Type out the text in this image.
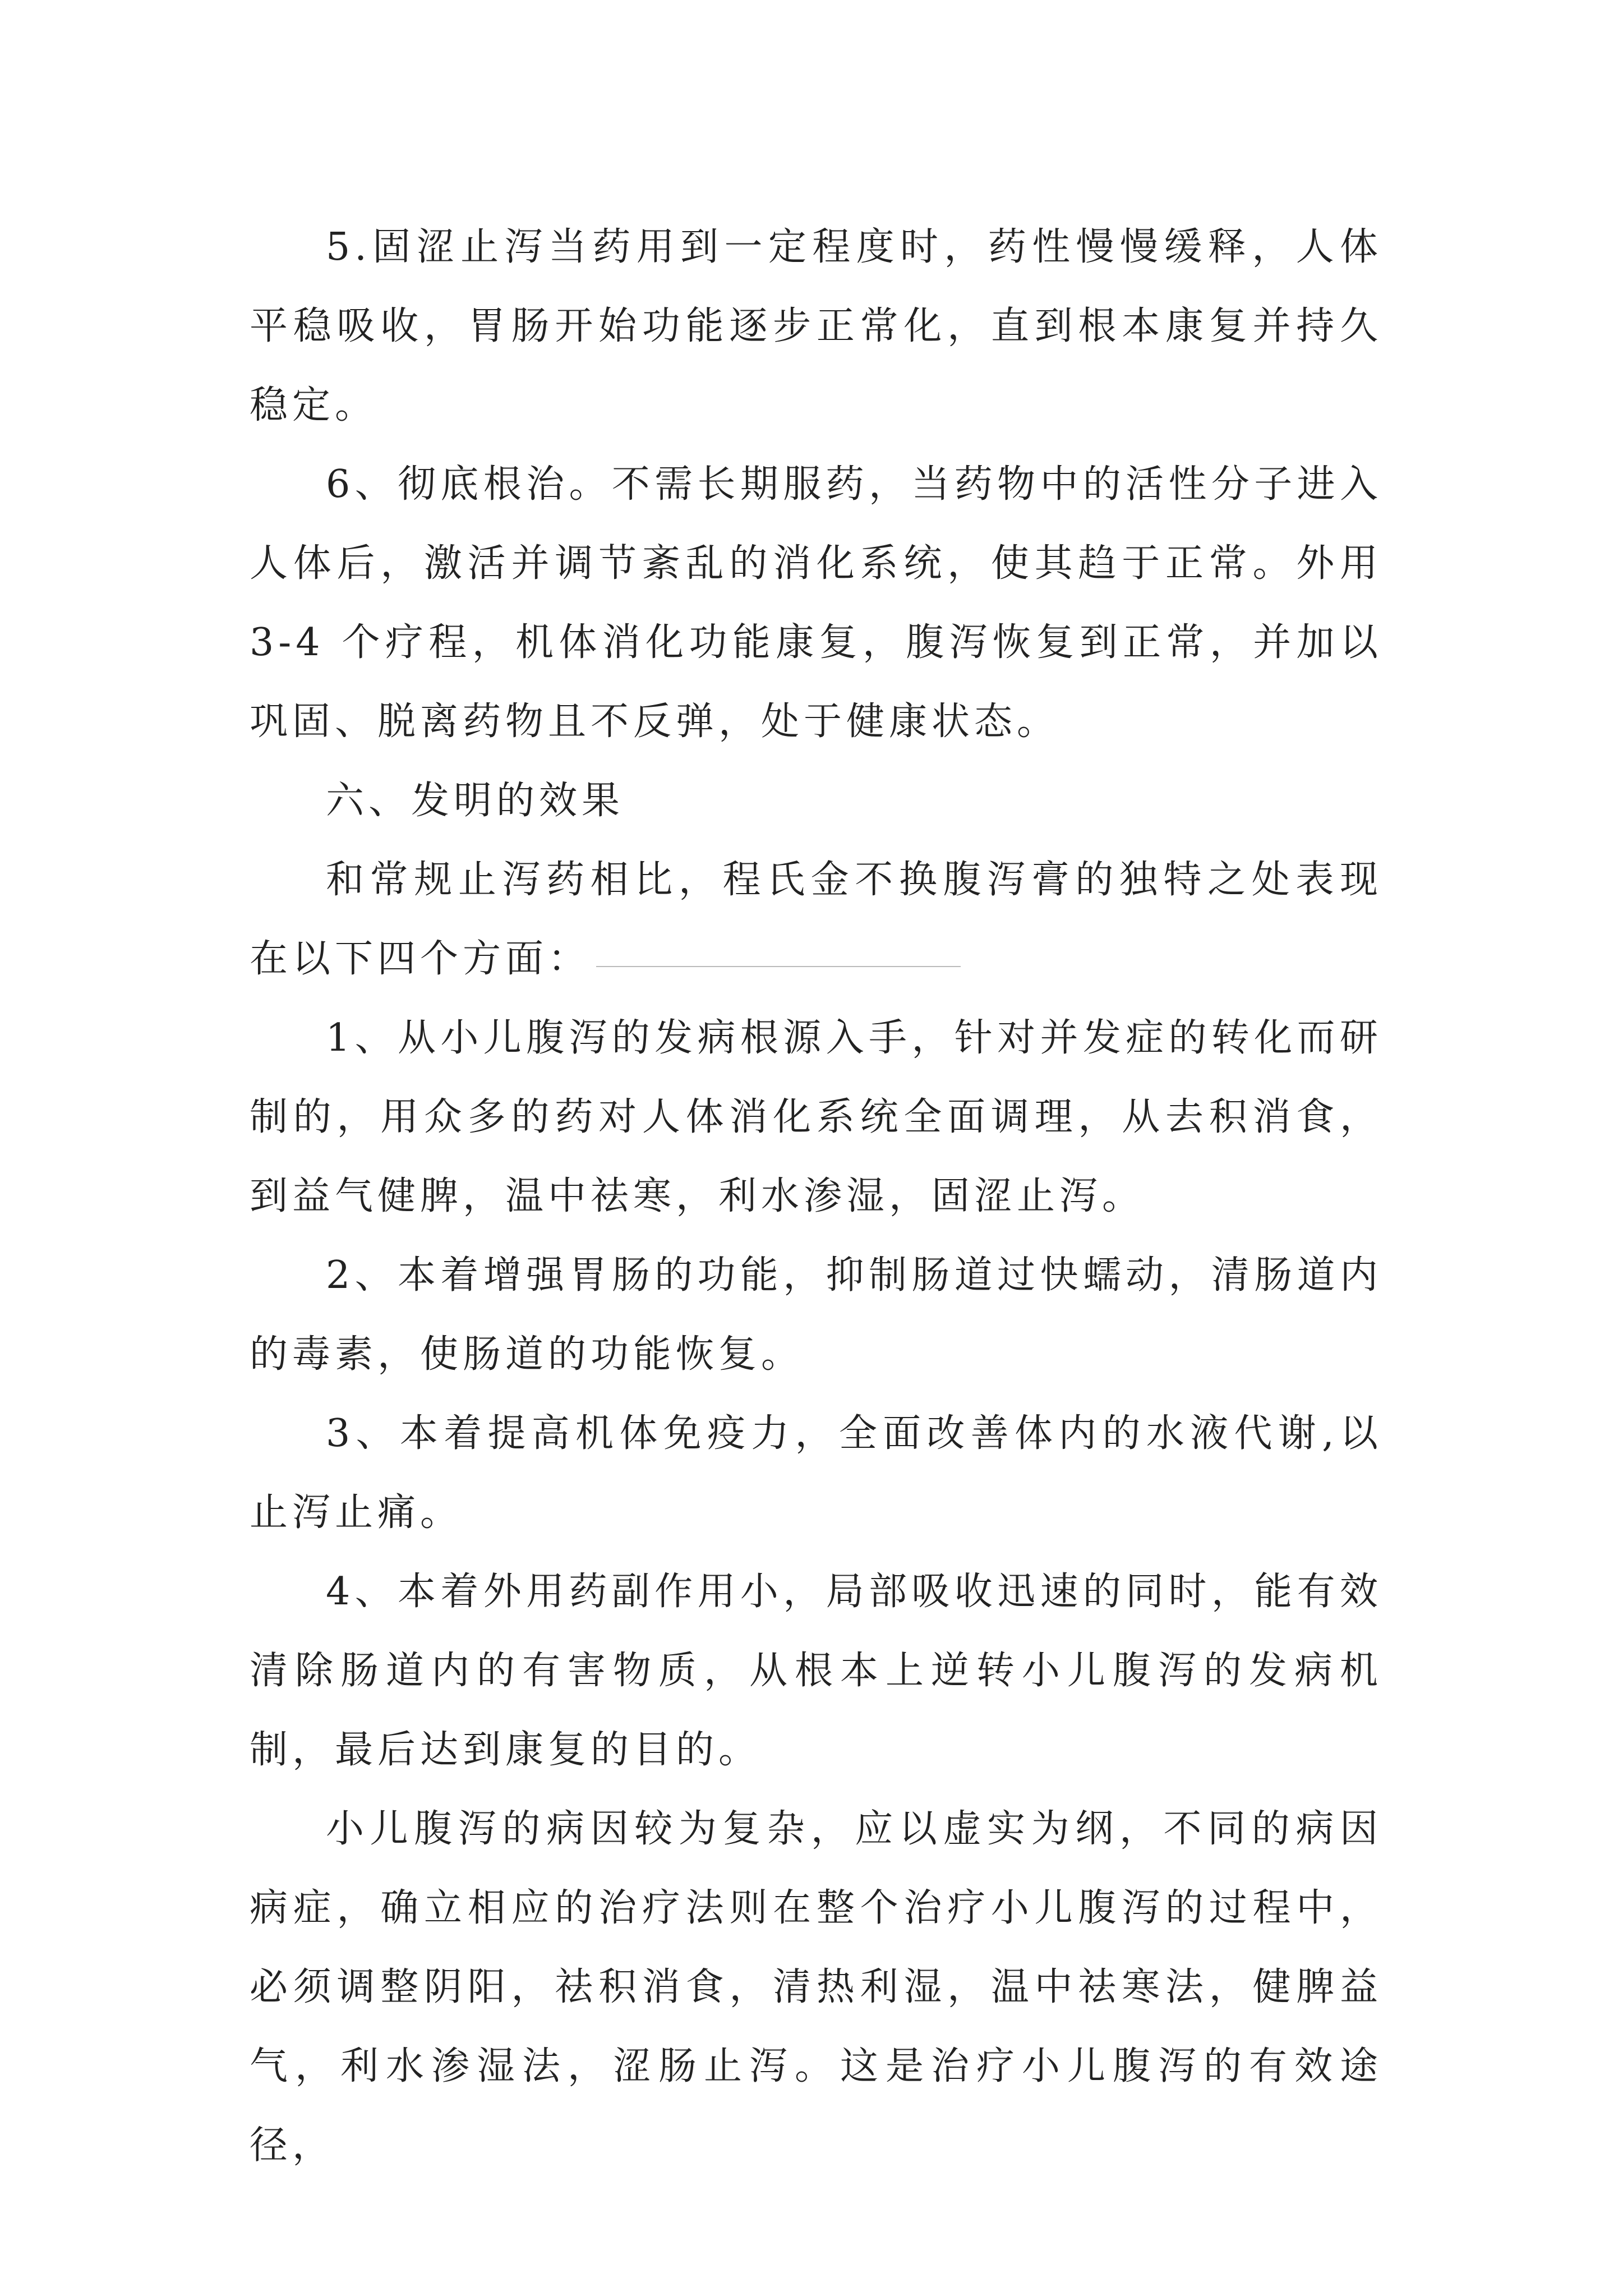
5.固涩止泻当药用到一定程度时，药性慢慢缓释，人体平稳吸收，胃肠开始功能逐步正常化，直到根本康复并持久稳定。

6、彻底根治。不需长期服药，当药物中的活性分子进入人体后，激活并调节紊乱的消化系统，使其趋于正常。外用 3-4 个疗程，机体消化功能康复，腹泻恢复到正常，并加以巩固、脱离药物且不反弹，处于健康状态。

六、发明的效果

和常规止泻药相比，程氏金不换腹泻膏的独特之处表现在以下四个方面：

1、从小儿腹泻的发病根源入手，针对并发症的转化而研制的，用众多的药对人体消化系统全面调理，从去积消食，到益气健脾，温中祛寒，利水渗湿，固涩止泻。

2、本着增强胃肠的功能，抑制肠道过快蠕动，清肠道内的毒素，使肠道的功能恢复。

3、本着提高机体免疫力，全面改善体内的水液代谢,以止泻止痛。

4、本着外用药副作用小，局部吸收迅速的同时，能有效清除肠道内的有害物质，从根本上逆转小儿腹泻的发病机制，最后达到康复的目的。

小儿腹泻的病因较为复杂，应以虚实为纲，不同的病因病症，确立相应的治疗法则在整个治疗小儿腹泻的过程中，必须调整阴阳，祛积消食，清热利湿，温中祛寒法，健脾益气，利水渗湿法，涩肠止泻。这是治疗小儿腹泻的有效途径，
